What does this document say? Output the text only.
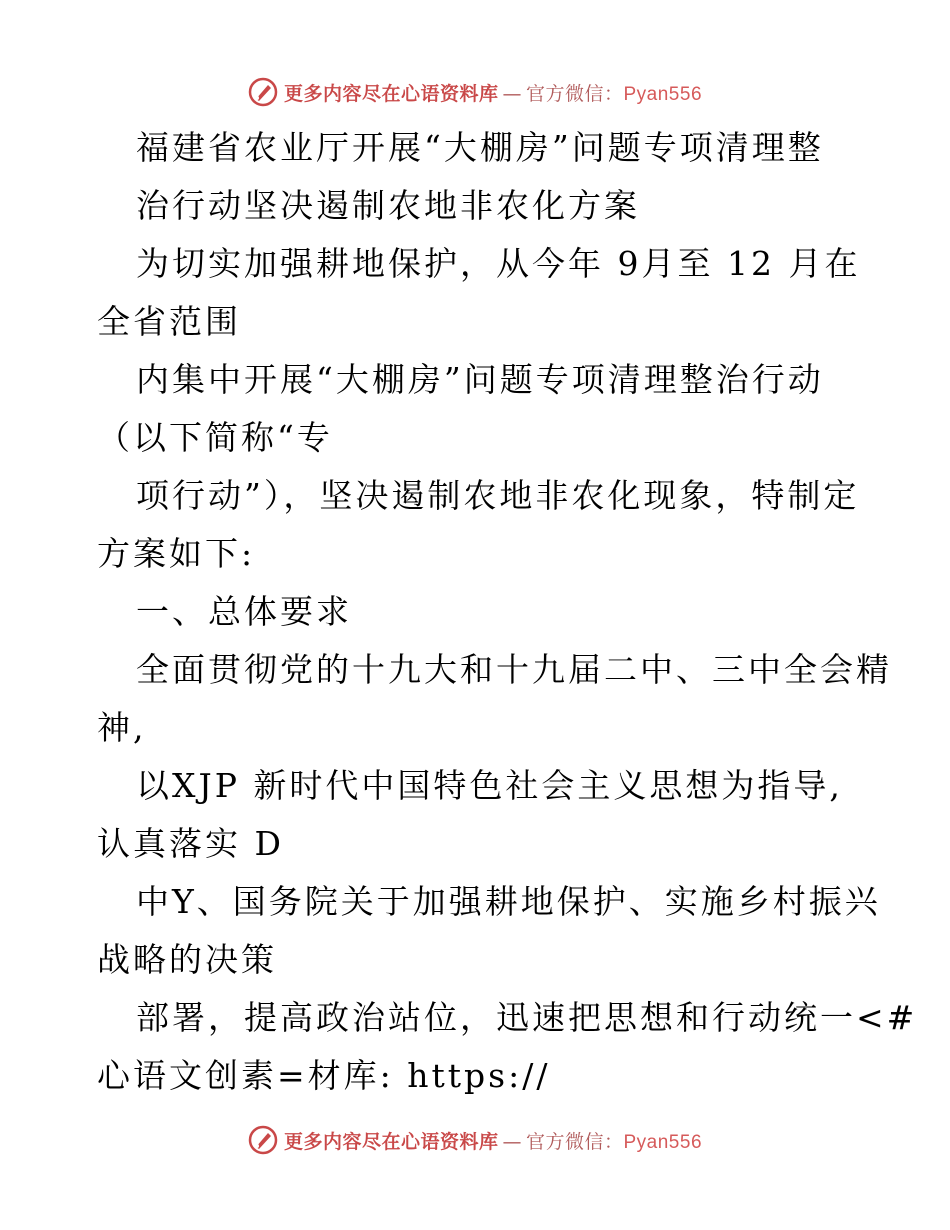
更多内容尽在心语资料库 — 官方微信：Pyan556
福建省农业厅开展“大棚房”问题专项清理整
治行动坚决遏制农地非农化方案
为切实加强耕地保护，从今年 9月至 12 月在
全省范围
内集中开展“大棚房”问题专项清理整治行动
（以下简称“专
项行动”），坚决遏制农地非农化现象，特制定
方案如下:
一、总体要求
全面贯彻党的十九大和十九届二中、三中全会精
神,
以XJP 新时代中国特色社会主义思想为指导,
认真落实 D
中Y、国务院关于加强耕地保护、实施乡村振兴
战略的决策
部署，提高政治站位，迅速把思想和行动统一<#
心语文创素=材库: https://
更多内容尽在心语资料库 — 官方微信：Pyan556
